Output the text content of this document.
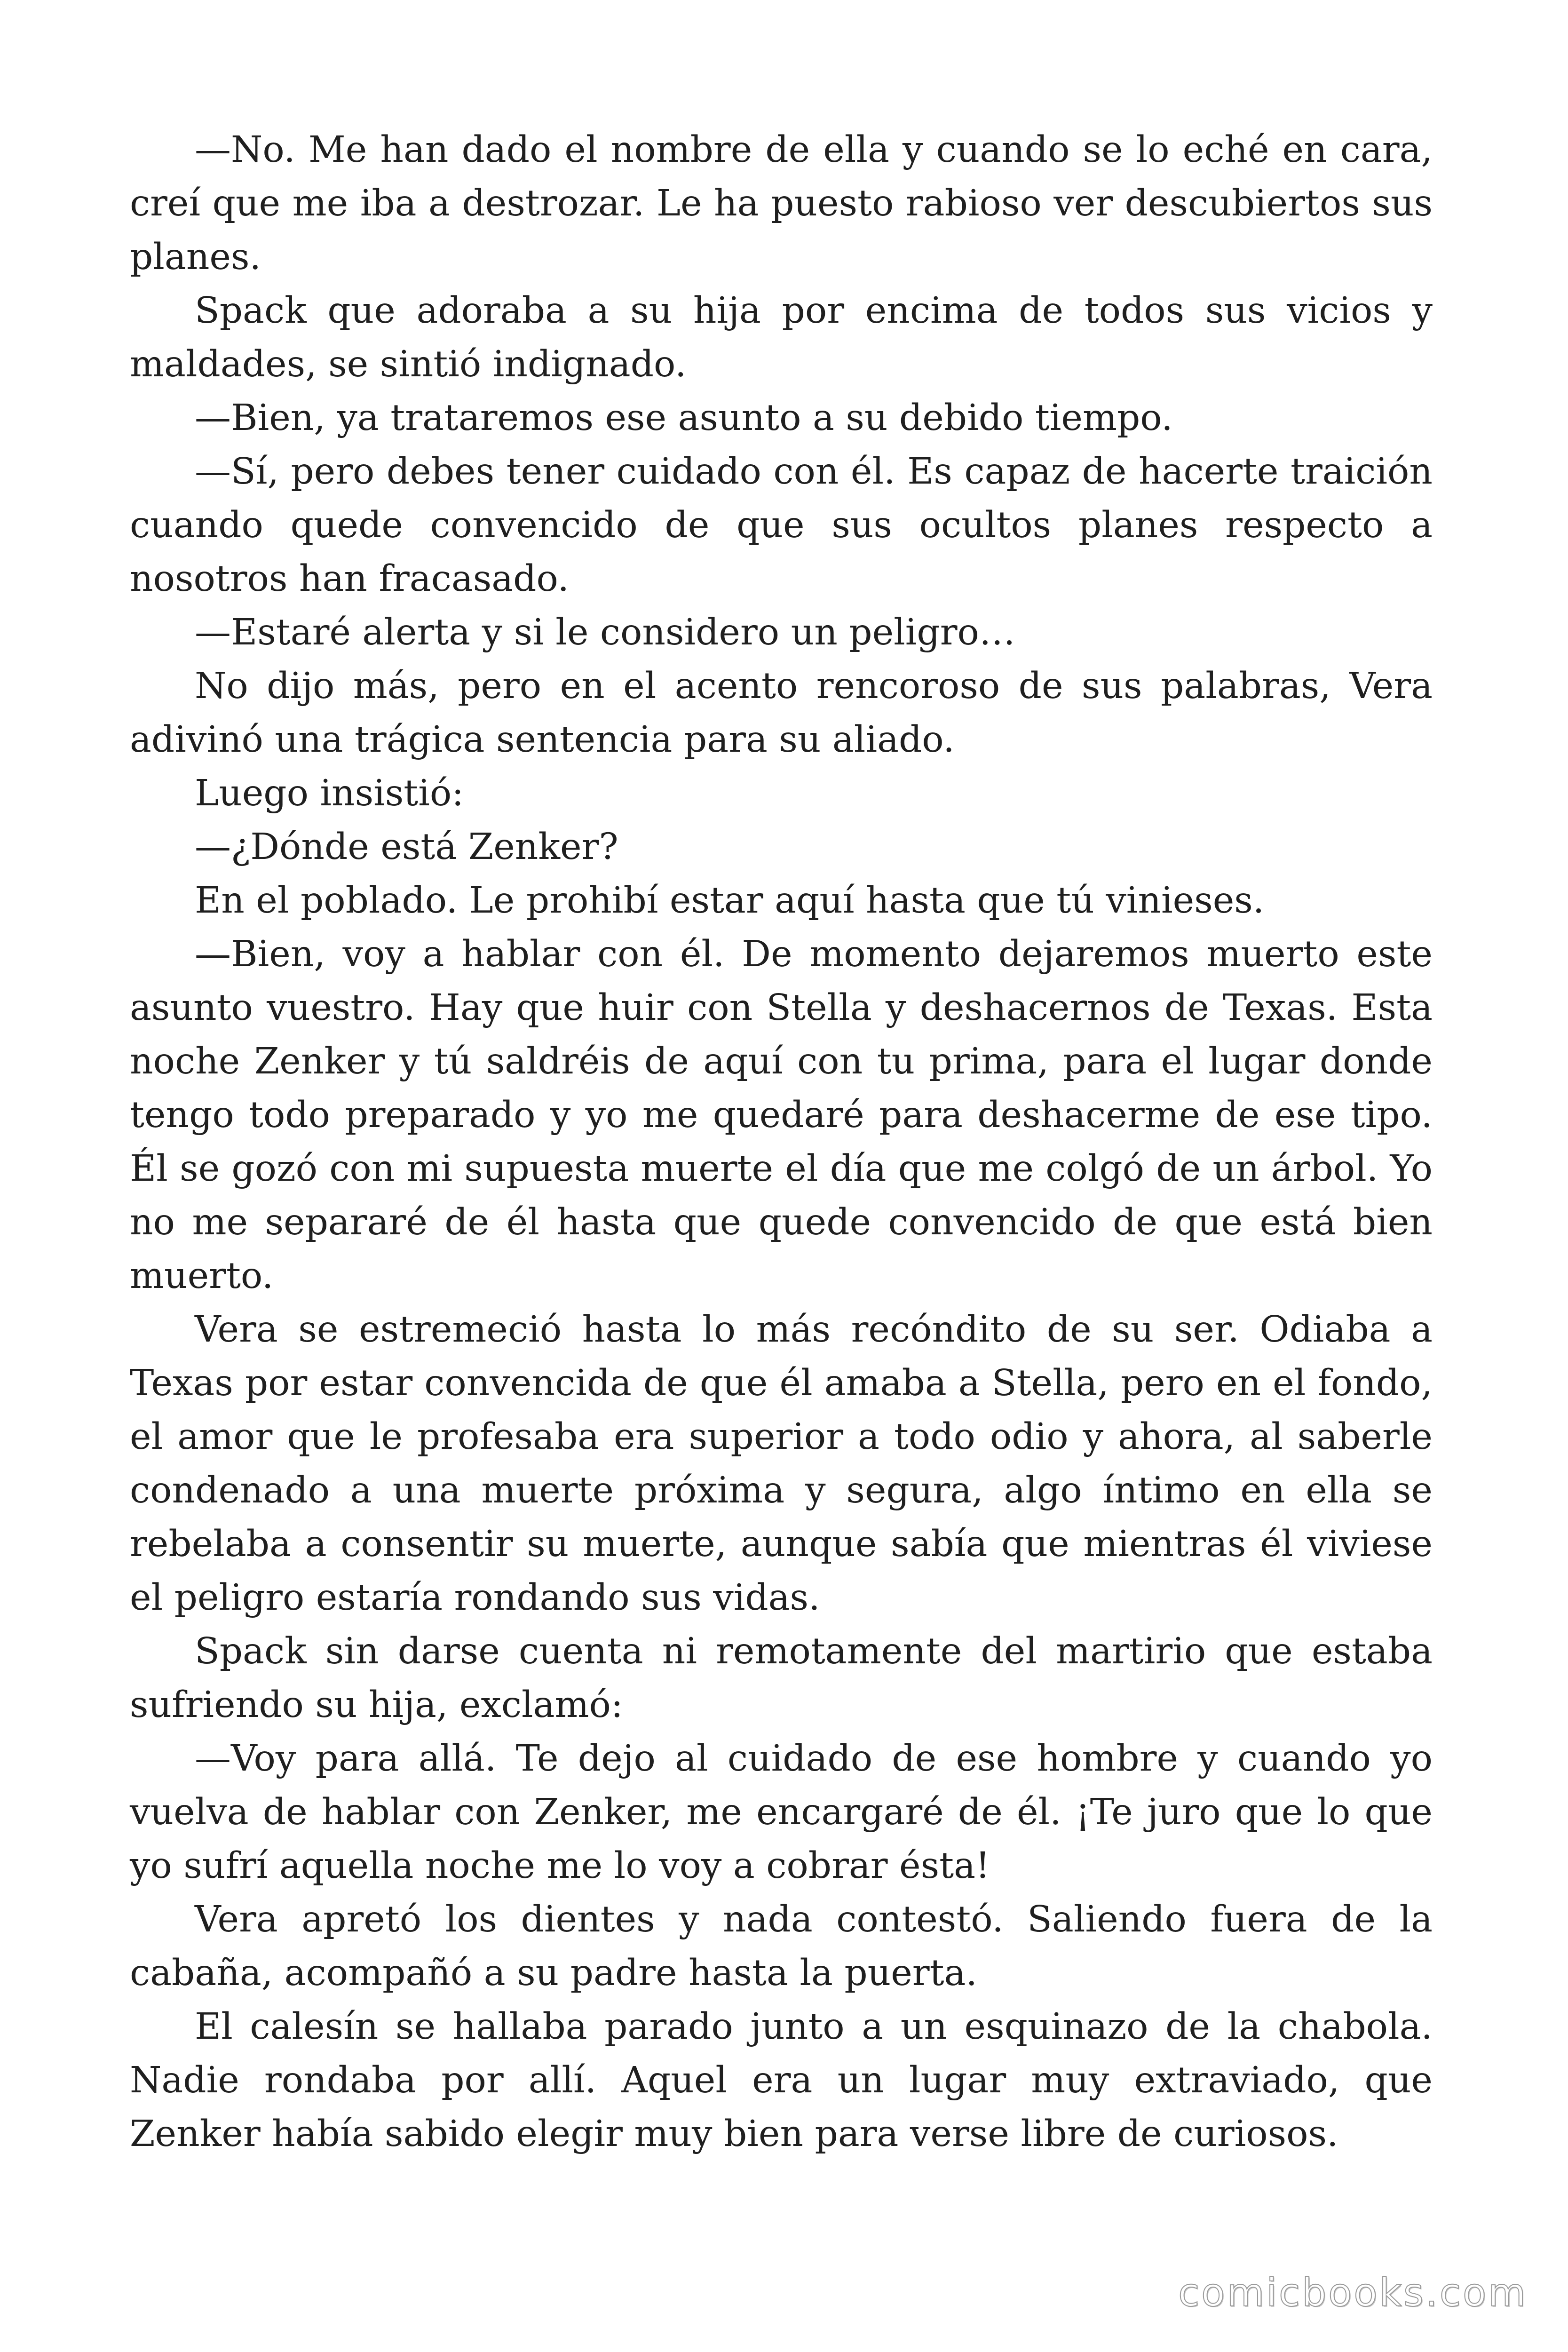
—No. Me han dado el nombre de ella y cuando se lo eché en cara, creí que me iba a destrozar. Le ha puesto rabioso ver descubiertos sus planes.

Spack que adoraba a su hija por encima de todos sus vicios y maldades, se sintió indignado.

—Bien, ya trataremos ese asunto a su debido tiempo.

—Sí, pero debes tener cuidado con él. Es capaz de hacerte traición cuando quede convencido de que sus ocultos planes respecto a nosotros han fracasado.

—Estaré alerta y si le considero un peligro…

No dijo más, pero en el acento rencoroso de sus palabras, Vera adivinó una trágica sentencia para su aliado.

Luego insistió:

—¿Dónde está Zenker?

En el poblado. Le prohibí estar aquí hasta que tú vinieses.

—Bien, voy a hablar con él. De momento dejaremos muerto este asunto vuestro. Hay que huir con Stella y deshacernos de Texas. Esta noche Zenker y tú saldréis de aquí con tu prima, para el lugar donde tengo todo preparado y yo me quedaré para deshacerme de ese tipo. Él se gozó con mi supuesta muerte el día que me colgó de un árbol. Yo no me separaré de él hasta que quede convencido de que está bien muerto.

Vera se estremeció hasta lo más recóndito de su ser. Odiaba a Texas por estar convencida de que él amaba a Stella, pero en el fondo, el amor que le profesaba era superior a todo odio y ahora, al saberle condenado a una muerte próxima y segura, algo íntimo en ella se rebelaba a consentir su muerte, aunque sabía que mientras él viviese el peligro estaría rondando sus vidas.

Spack sin darse cuenta ni remotamente del martirio que estaba sufriendo su hija, exclamó:

—Voy para allá. Te dejo al cuidado de ese hombre y cuando yo vuelva de hablar con Zenker, me encargaré de él. ¡Te juro que lo que yo sufrí aquella noche me lo voy a cobrar ésta!

Vera apretó los dientes y nada contestó. Saliendo fuera de la cabaña, acompañó a su padre hasta la puerta.

El calesín se hallaba parado junto a un esquinazo de la chabola. Nadie rondaba por allí. Aquel era un lugar muy extraviado, que Zenker había sabido elegir muy bien para verse libre de curiosos.

comicbooks.com
